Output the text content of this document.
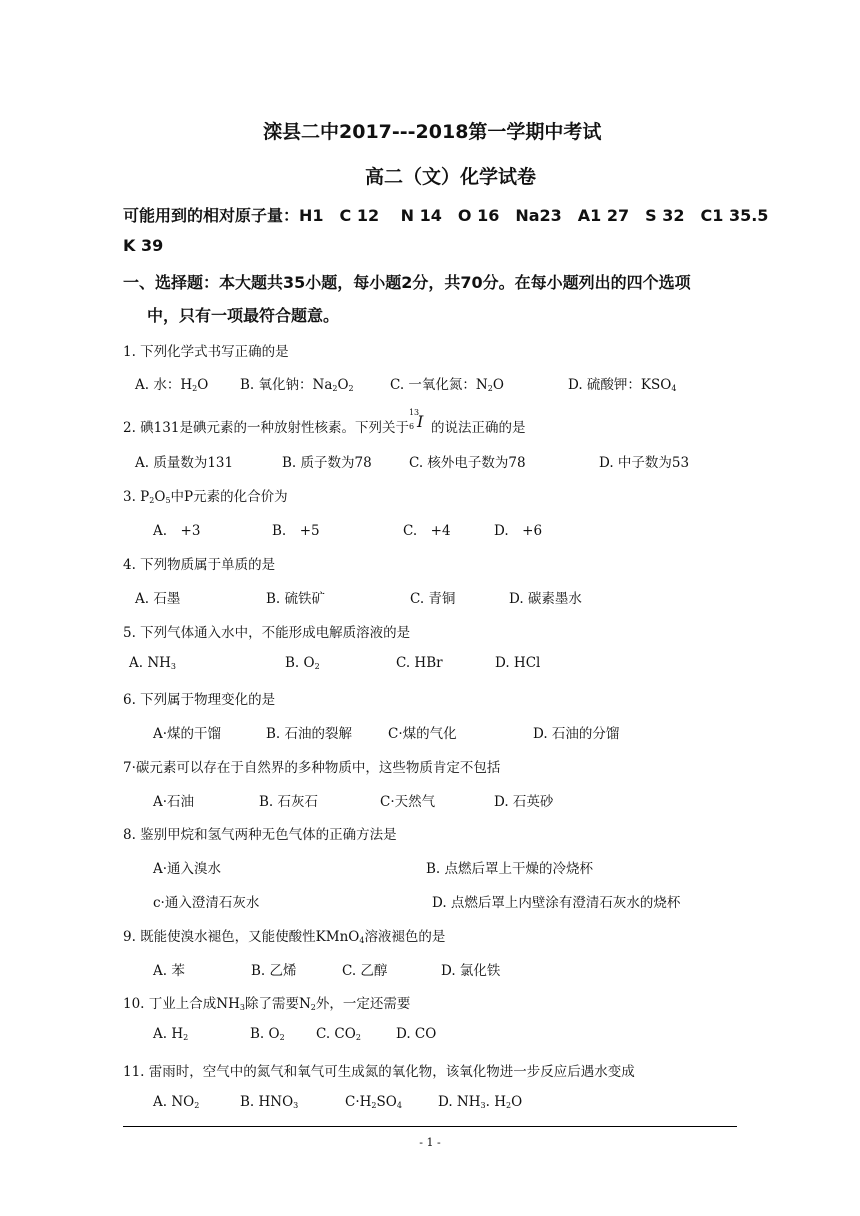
滦县二中2017---2018第一学期中考试
高二（文）化学试卷
可能用到的相对原子量：H1　C 12　 N 14　O 16　Na23　A1 27　S 32　C1 35.5
K 39
一、选择题：本大题共35小题，每小题2分，共70分。在每小题列出的四个选项
中，只有一项最符合题意。
1. 下列化学式书写正确的是
A. 水：$H_2O$ B. 氧化钠：$Na_2O_2$	C. 一氧化氮：$N_2O$	D. 硫酸钾：$KSO_4$
2. 碘131是碘元素的一种放射性核素。下列关于
13
6 I 的说法正确的是
A. 质量数为131	B. 质子数为78	C. 核外电子数为78	D. 中子数为53
3. $P_2O_5$中P元素的化合价为
A.　+3	B.　+5	C.　+4	D.　+6
4. 下列物质属于单质的是
A. 石墨	B. 硫铁矿	C. 青铜	D. 碳素墨水
5. 下列气体通入水中，不能形成电解质溶液的是
A. $NH_3$	B. $O_2$	C. HBr	D. HCl
6. 下列属于物理变化的是
A·煤的干馏	B. 石油的裂解	C·煤的气化	D. 石油的分馏
7·碳元素可以存在于自然界的多种物质中，这些物质肯定不包括
A·石油	B. 石灰石	C·天然气	D. 石英砂
8. 鉴别甲烷和氢气两种无色气体的正确方法是
A·通入溴水	B. 点燃后罩上干燥的冷烧杯
c·通入澄清石灰水	D. 点燃后罩上内壁涂有澄清石灰水的烧杯
9. 既能使溴水褪色，又能使酸性KMnO$_4$溶液褪色的是
A. 苯	B. 乙烯	C. 乙醇	D. 氯化铁
10. 丁业上合成$NH_3$除了需要$N_2$外，一定还需要
A. $H_2$	B. $O_2$ C. $CO_2$	D. CO
11. 雷雨时，空气中的氮气和氧气可生成氮的氧化物，该氧化物进一步反应后遇水变成
A. $NO_2$	B. $HNO_3$	$C\cdot H_2SO_4$	D. $NH_3$. $H_2O$
- 1 -
